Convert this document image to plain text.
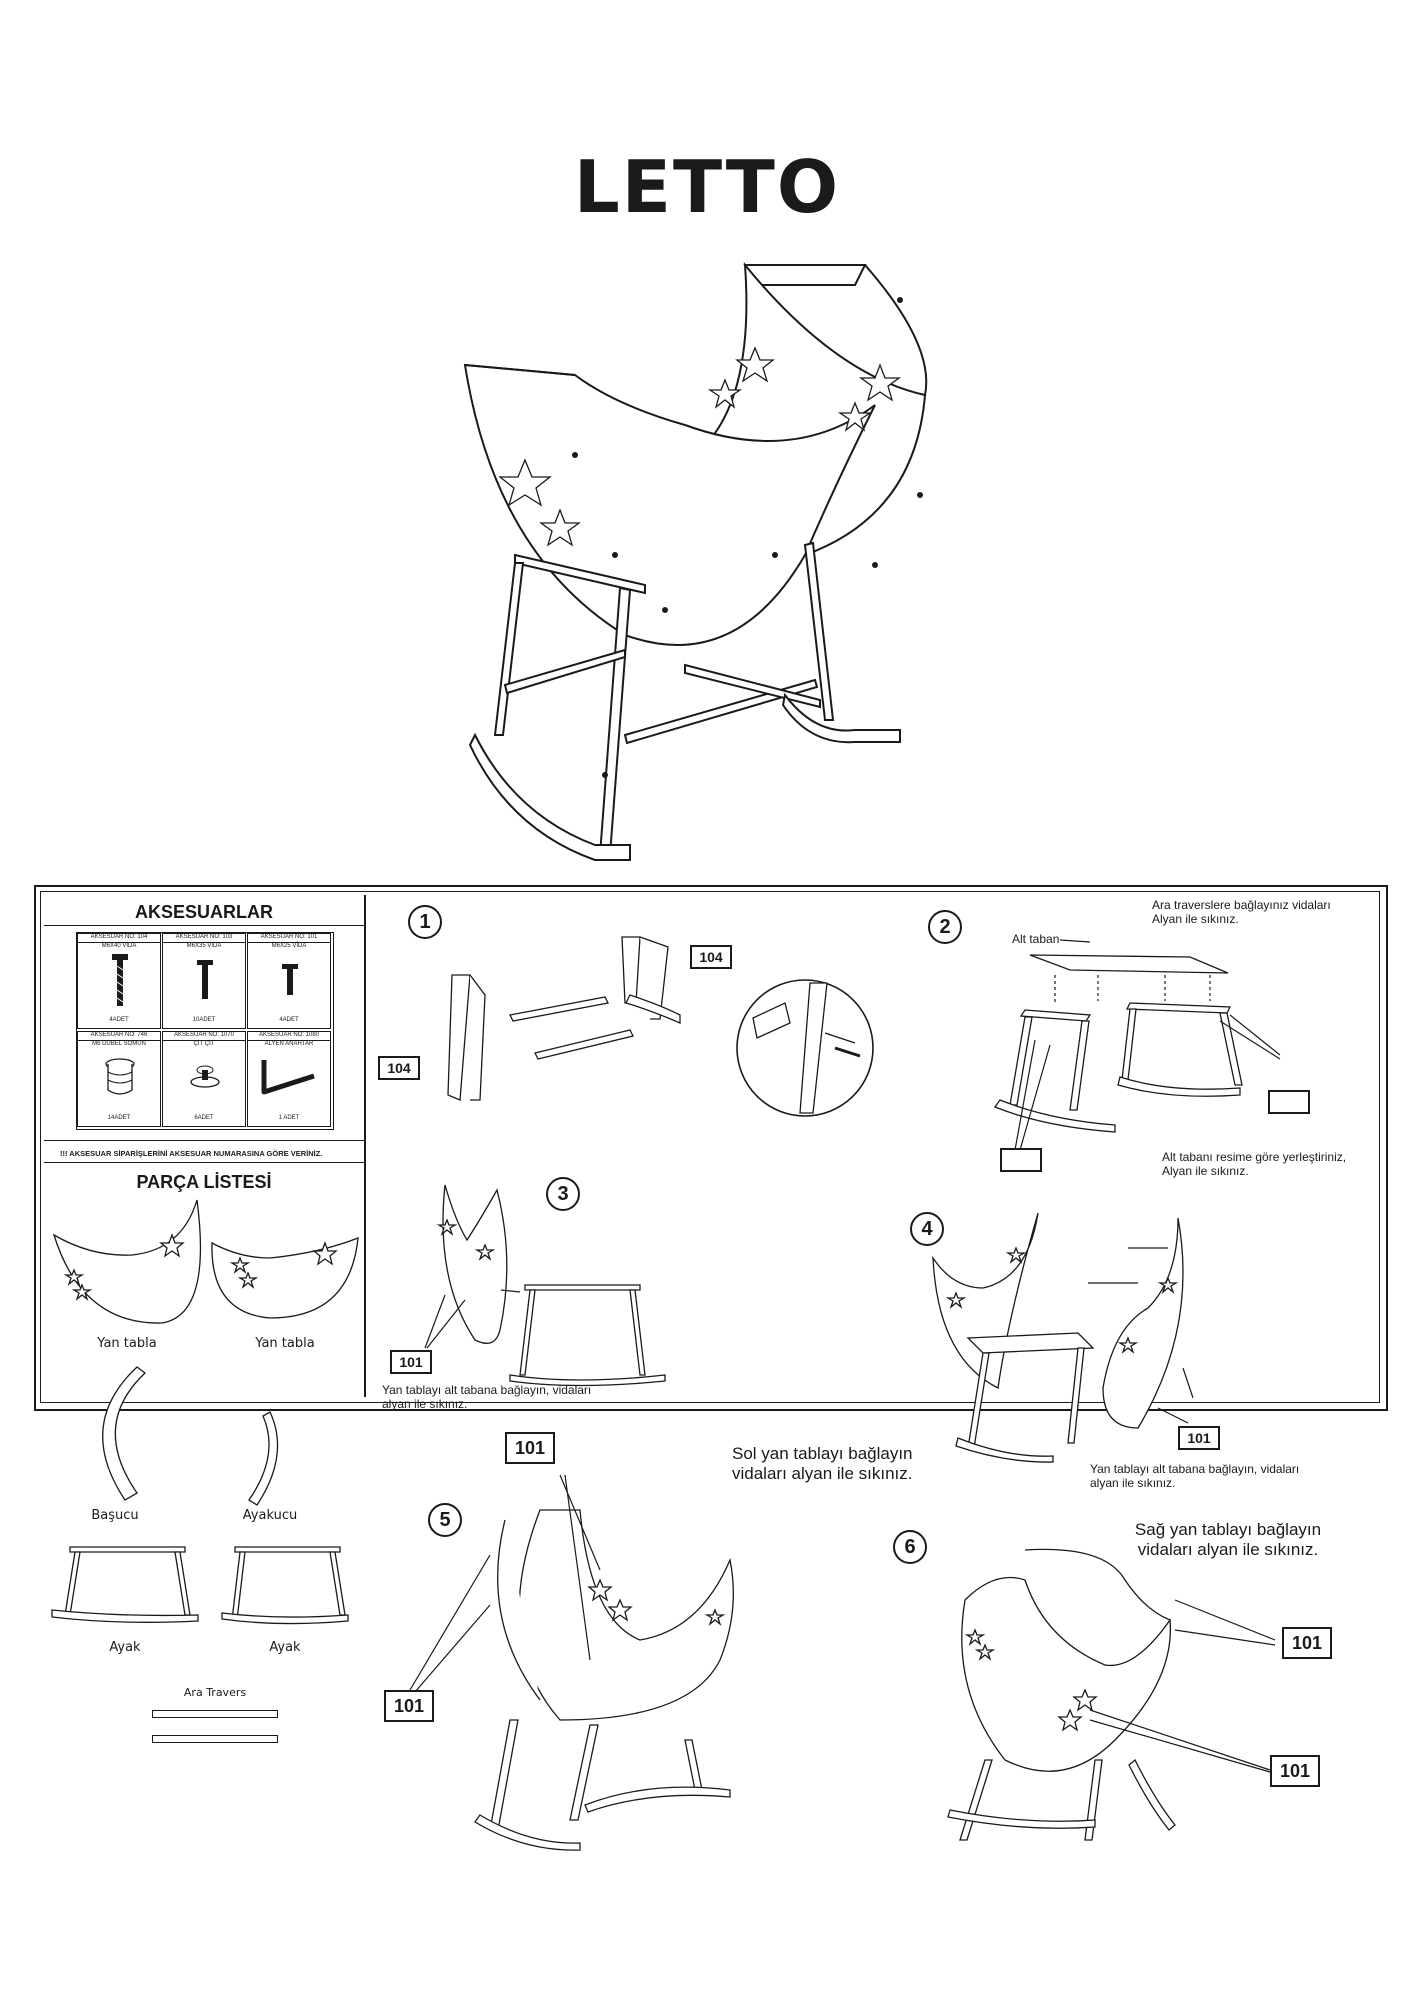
LETTO
AKSESUARLAR
AKSESUAR NO: 104
M6X40 VİDA
4ADET
AKSESUAR NO: 103
M6X35 VİDA
10ADET
AKSESUAR NO: 101
M6X25 VİDA
4ADET
AKSESUAR NO: 746
M6 DUBEL SOMUN
14ADET
AKSESUAR NO: 1070
ÇİT ÇİT
6ADET
AKSESUAR NO: 1080
ALYEN ANAHTAR
1 ADET
!!! AKSESUAR SİPARİŞLERİNİ AKSESUAR NUMARASINA GÖRE VERİNİZ.
PARÇA LİSTESİ
Yan tabla	Yan tabla
Başucu	Ayakucu
Ayak	Ayak
Ara Travers
1
104
104
2
Ara traverslere bağlayınız vidaları Alyan ile sıkınız.
Alt taban
Alt tabanı resime göre yerleştiriniz, Alyan ile sıkınız.
3
101
Yan tablayı alt tabana bağlayın, vidaları alyan ile sıkınız.
4
101
Yan tablayı alt tabana bağlayın, vidaları alyan ile sıkınız.
Sol yan tablayı bağlayın vidaları alyan ile sıkınız.
101
5
101
6
Sağ yan tablayı bağlayın vidaları alyan ile sıkınız.
101
101
